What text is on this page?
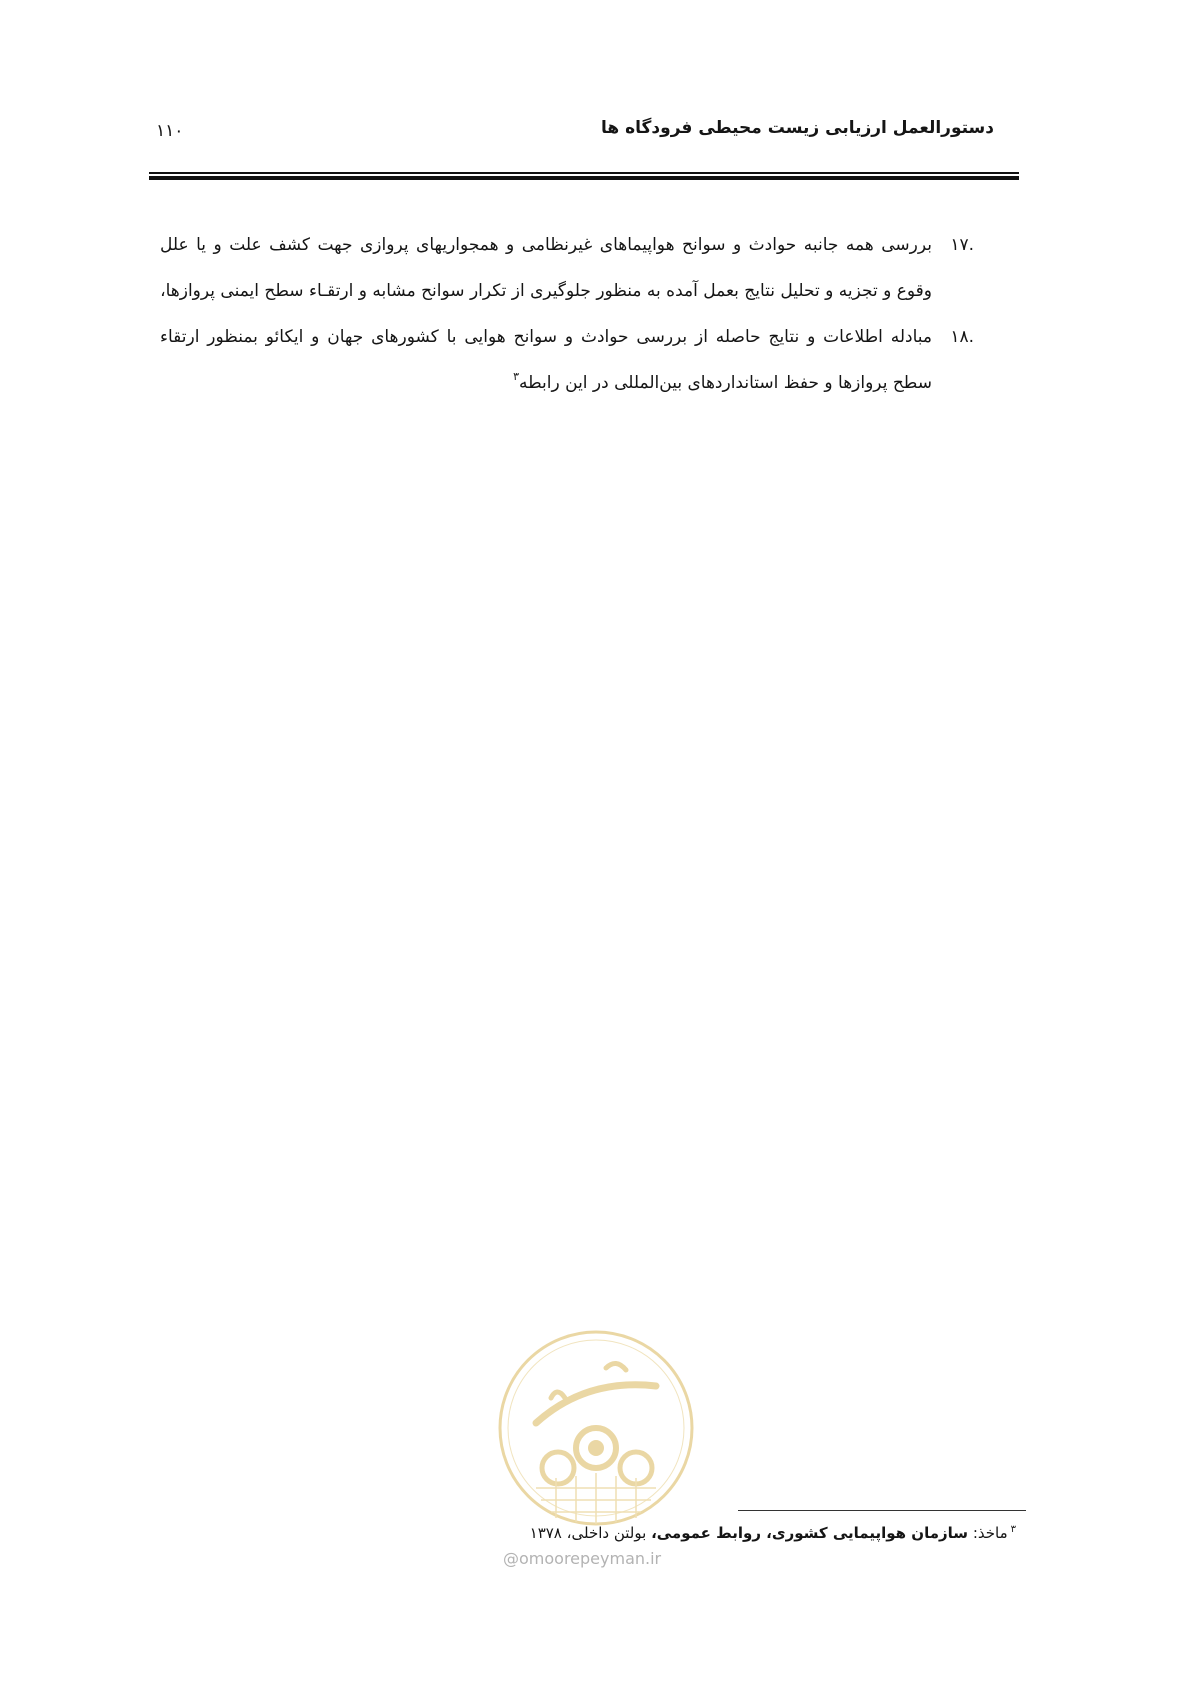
دستورالعمل ارزیابی زیست محیطی فرودگاه ها
۱۱۰
.۱۷
بررسی همه جانبه حوادث و سوانح هواپیماهای غیرنظامی و همجواریهای پروازی جهت کشف علت و یا علل وقوع و تجزیه و تحلیل نتایج بعمل آمده به منظور جلوگیری از تکرار سوانح مشابه و ارتقـاء سطح ایمنی پروازها،
.۱۸
مبادله اطلاعات و نتایج حاصله از بررسی حوادث و سوانح هوایی با کشورهای جهان و ایکائو بمنظور ارتقاء سطح پروازها و حفظ استانداردهای بین‌المللی در این رابطه$^۳$
@omoorepeyman.ir
$^۳$ماخذ: سازمان هواپیمایی کشوری، روابط عمومی، بولتن داخلی، ۱۳۷۸
